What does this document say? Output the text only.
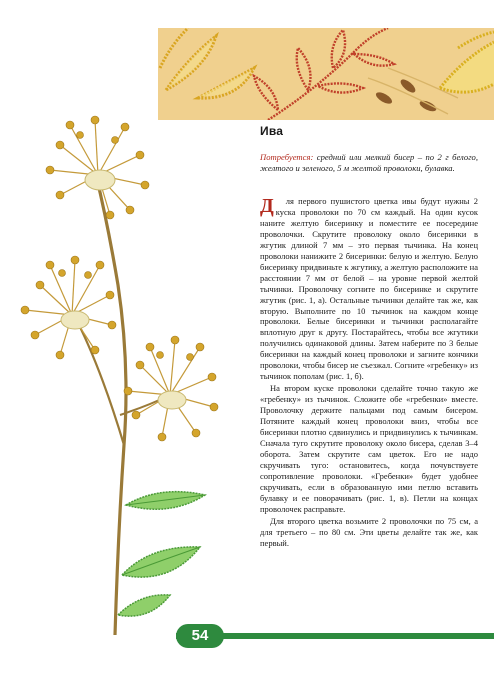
Ива
Потребуется: средний или мелкий бисер – по 2 г белого, желтого и зеленого, 5 м желтой проволоки, булавка.

Д ля первого пушистого цветка ивы будут нужны 2 куска проволоки по 70 см каждый. На один кусок наните желтую бисеринку и поместите ее посередине проволочки. Скрутите проволоку около бисеринки в жгутик длиной 7 мм – это первая тычинка. На конец проволоки нанижите 2 бисеринки: белую и желтую. Белую бисеринку придвиньте к жгутику, а желтую расположите на расстоянии 7 мм от белой – на уровне первой желтой тычинки. Проволочку согните по бисеринке и скрутите жгутик (рис. 1, а). Остальные тычинки делайте так же, как вторую. Выполните по 10 тычинок на каждом конце проволоки. Белые бисеринки и тычинки располагайте вплотную друг к другу. Постарайтесь, чтобы все жгутики получились одинаковой длины. Затем наберите по 3 белые бисеринки на каждый конец проволоки и загните кончики проволоки, чтобы бисер не съезжал. Согните «гребенку» из тычинок пополам (рис. 1, б).

На втором куске проволоки сделайте точно такую же «гребенку» из тычинок. Сложите обе «гребенки» вместе. Проволочку держите пальцами под самым бисером. Потяните каждый конец проволоки вниз, чтобы все бисеринки плотно сдвинулись и придвинулись к тычинкам. Сначала туго скрутите проволоку около бисера, сделав 3–4 оборота. Затем скрутите сам цветок. Его не надо скручивать туго: остановитесь, когда почувствуете сопротивление проволоки. «Гребенки» будет удобнее скручивать, если в образованную ими петлю вставить булавку и ее поворачивать (рис. 1, в). Петли на концах проволочек расправьте.

Для второго цветка возьмите 2 проволочки по 75 см, а для третьего – по 80 см. Эти цветы делайте так же, как первый.

54
